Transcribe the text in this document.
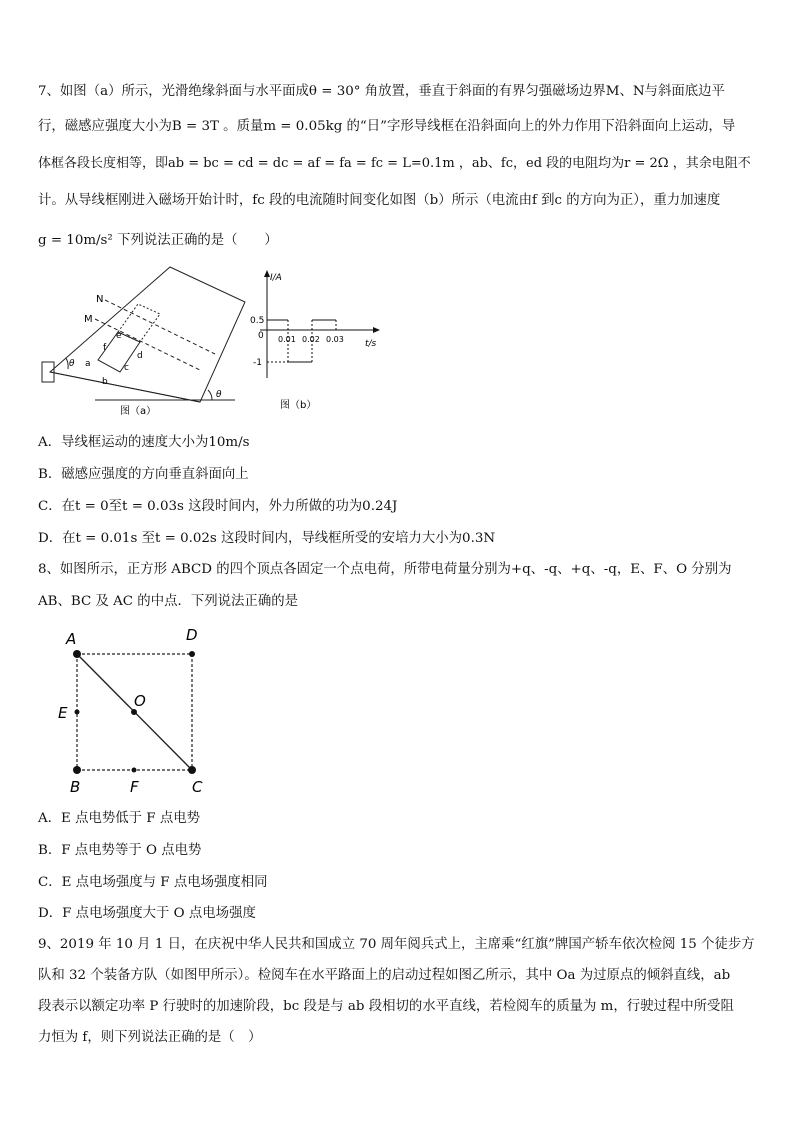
7、如图（a）所示，光滑绝缘斜面与水平面成θ = 30° 角放置，垂直于斜面的有界匀强磁场边界M、N与斜面底边平
行，磁感应强度大小为B = 3T 。质量m = 0.05kg 的“日”字形导线框在沿斜面向上的外力作用下沿斜面向上运动，导
体框各段长度相等，即ab = bc = cd = dc = af = fa = fc = L=0.1m ，ab、fc，ed 段的电阻均为r = 2Ω ，其余电阻不
计。从导线框刚进入磁场开始计时，fc 段的电流随时间变化如图（b）所示（电流由f 到c 的方向为正），重力加速度
g = 10m/s² 下列说法正确的是（　　）
N
M
e
f
d
a	c
b
θ
θ
图（a）
I/A
t/s
0
0.5
-1
0.01 0.02 0.03
图（b）
A．导线框运动的速度大小为10m/s
B．磁感应强度的方向垂直斜面向上
C．在t = 0至t = 0.03s 这段时间内，外力所做的功为0.24J
D．在t = 0.01s 至t = 0.02s 这段时间内，导线框所受的安培力大小为0.3N
8、如图所示，正方形 ABCD 的四个顶点各固定一个点电荷，所带电荷量分别为+q、-q、+q、-q，E、F、O 分别为
AB、BC 及 AC 的中点．下列说法正确的是
A	D
O
E
B	F	C
A．E 点电势低于 F 点电势
B．F 点电势等于 O 点电势
C．E 点电场强度与 F 点电场强度相同
D．F 点电场强度大于 O 点电场强度
9、2019 年 10 月 1 日，在庆祝中华人民共和国成立 70 周年阅兵式上，主席乘“红旗”牌国产轿车依次检阅 15 个徒步方
队和 32 个装备方队（如图甲所示）。检阅车在水平路面上的启动过程如图乙所示，其中 Oa 为过原点的倾斜直线，ab
段表示以额定功率 P 行驶时的加速阶段，bc 段是与 ab 段相切的水平直线，若检阅车的质量为 m，行驶过程中所受阻
力恒为 f，则下列说法正确的是（　）
